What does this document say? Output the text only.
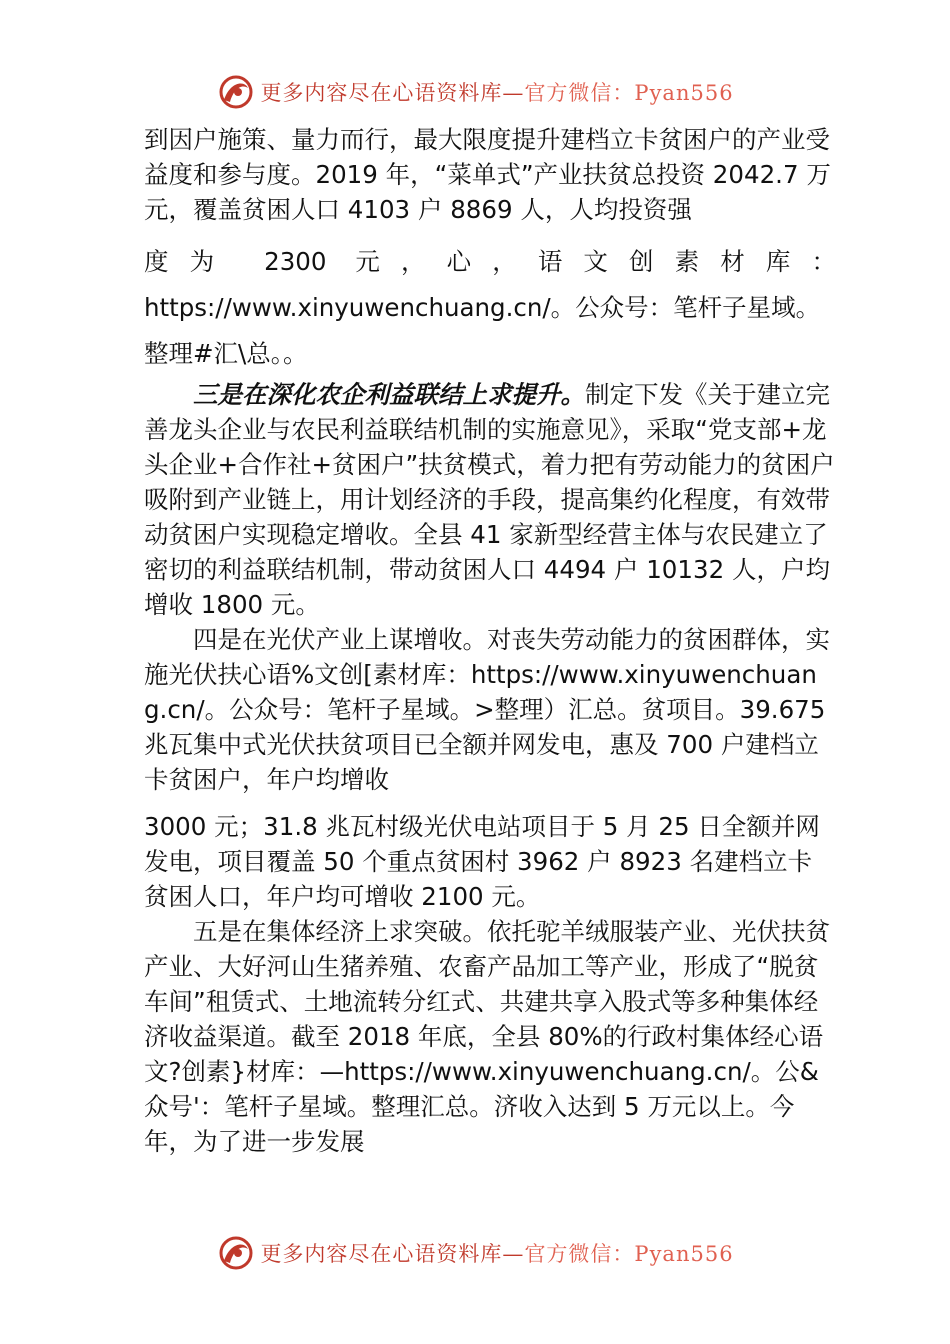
更多内容尽在心语资料库—官方微信：Pyan556

到因户施策、量力而行，最大限度提升建档立卡贫困户的产业受益度和参与度。2019 年，“菜单式”产业扶贫总投资 2042.7 万元，覆盖贫困人口 4103 户 8869 人，人均投资强

度为 2300 元，心，语文创素材库：

https://www.xinyuwenchuang.cn/。公众号：笔杆子星域。

整理#汇\总。。

三是在深化农企利益联结上求提升。制定下发《关于建立完善龙头企业与农民利益联结机制的实施意见》，采取“党支部+龙头企业+合作社+贫困户”扶贫模式，着力把有劳动能力的贫困户吸附到产业链上，用计划经济的手段，提高集约化程度，有效带动贫困户实现稳定增收。全县 41 家新型经营主体与农民建立了密切的利益联结机制，带动贫困人口 4494 户 10132 人，户均增收 1800 元。

四是在光伏产业上谋增收。对丧失劳动能力的贫困群体，实施光伏扶心语%文创[素材库：https://www.xinyuwenchuang.cn/。公众号：笔杆子星域。>整理）汇总。贫项目。39.675 兆瓦集中式光伏扶贫项目已全额并网发电，惠及 700 户建档立卡贫困户，年户均增收

3000 元；31.8 兆瓦村级光伏电站项目于 5 月 25 日全额并网发电，项目覆盖 50 个重点贫困村 3962 户 8923 名建档立卡贫困人口，年户均可增收 2100 元。

五是在集体经济上求突破。依托驼羊绒服装产业、光伏扶贫产业、大好河山生猪养殖、农畜产品加工等产业，形成了“脱贫车间”租赁式、土地流转分红式、共建共享入股式等多种集体经济收益渠道。截至 2018 年底，全县 80%的行政村集体经心语文?创素}材库：—https://www.xinyuwenchuang.cn/。公&众号'：笔杆子星域。整理汇总。济收入达到 5 万元以上。今年，为了进一步发展

更多内容尽在心语资料库—官方微信：Pyan556
